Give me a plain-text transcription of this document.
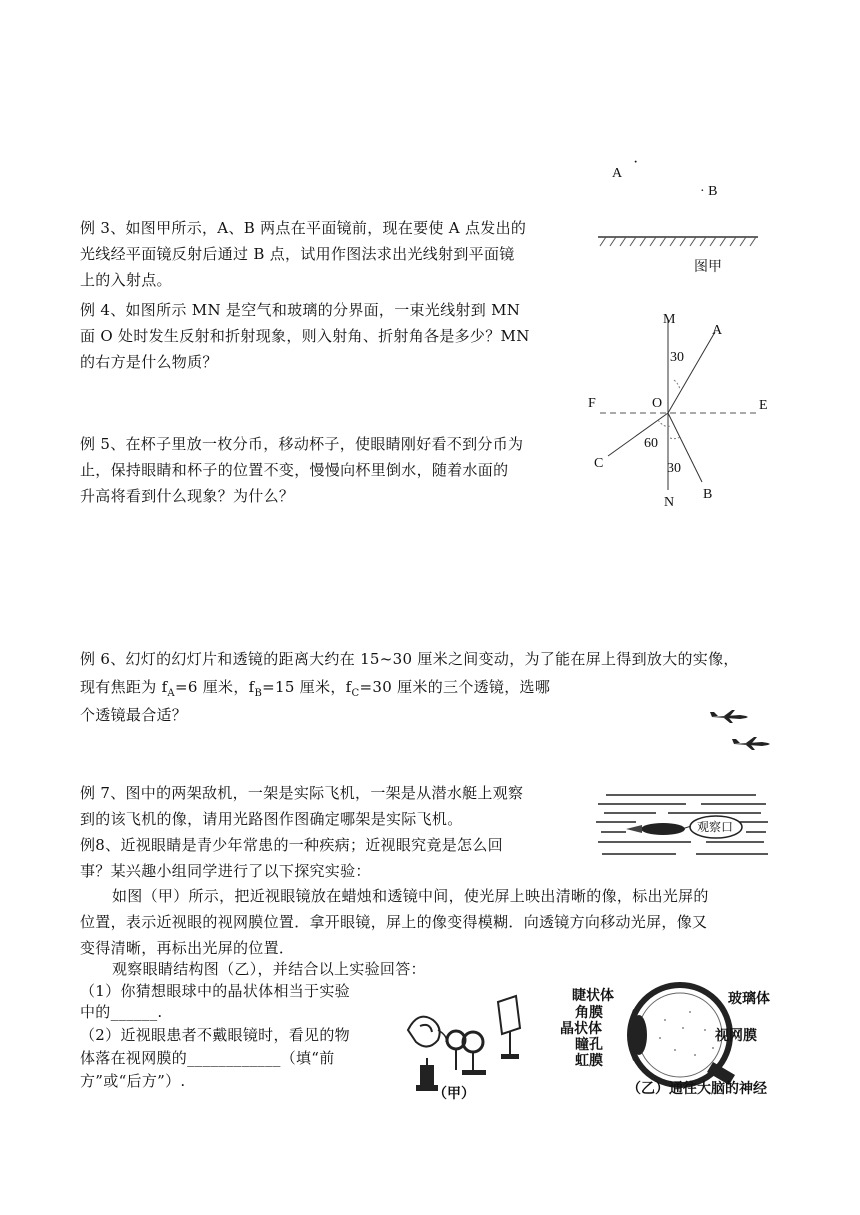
例 3、如图甲所示，A、B 两点在平面镜前，现在要使 A 点发出的
光线经平面镜反射后通过 B 点，试用作图法求出光线射到平面镜
上的入射点。
A
·
· B
图甲
例 4、如图所示 MN 是空气和玻璃的分界面，一束光线射到 MN
面 O 处时发生反射和折射现象，则入射角、折射角各是多少？MN
的右方是什么物质？
M
A
30
F	O	E
60
C	30
N
B
例 5、在杯子里放一枚分币，移动杯子，使眼睛刚好看不到分币为
止，保持眼睛和杯子的位置不变，慢慢向杯里倒水，随着水面的
升高将看到什么现象？为什么？
例 6、幻灯的幻灯片和透镜的距离大约在 15~30 厘米之间变动，为了能在屏上得到放大的实像，
现有焦距为 $f_A=6$ 厘米，$f_B=15$ 厘米，$f_C=30$ 厘米的三个透镜，选哪
个透镜最合适？
例 7、图中的两架敌机，一架是实际飞机，一架是从潜水艇上观察
到的该飞机的像，请用光路图作图确定哪架是实际飞机。	观察口
例8、近视眼睛是青少年常患的一种疾病；近视眼究竟是怎么回
事？某兴趣小组同学进行了以下探究实验：
如图（甲）所示，把近视眼镜放在蜡烛和透镜中间，使光屏上映出清晰的像，标出光屏的
位置，表示近视眼的视网膜位置．拿开眼镜，屏上的像变得模糊．向透镜方向移动光屏，像又
变得清晰，再标出光屏的位置．
观察眼睛结构图（乙），并结合以上实验回答：
（1）你猜想眼球中的晶状体相当于实验
中的______.
（2）近视眼患者不戴眼镜时，看见的物
体落在视网膜的____________（填“前
方”或“后方”）.
（甲）
睫状体
角膜
晶状体
瞳孔
虹膜
玻璃体
视网膜
（乙）通往大脑的神经
